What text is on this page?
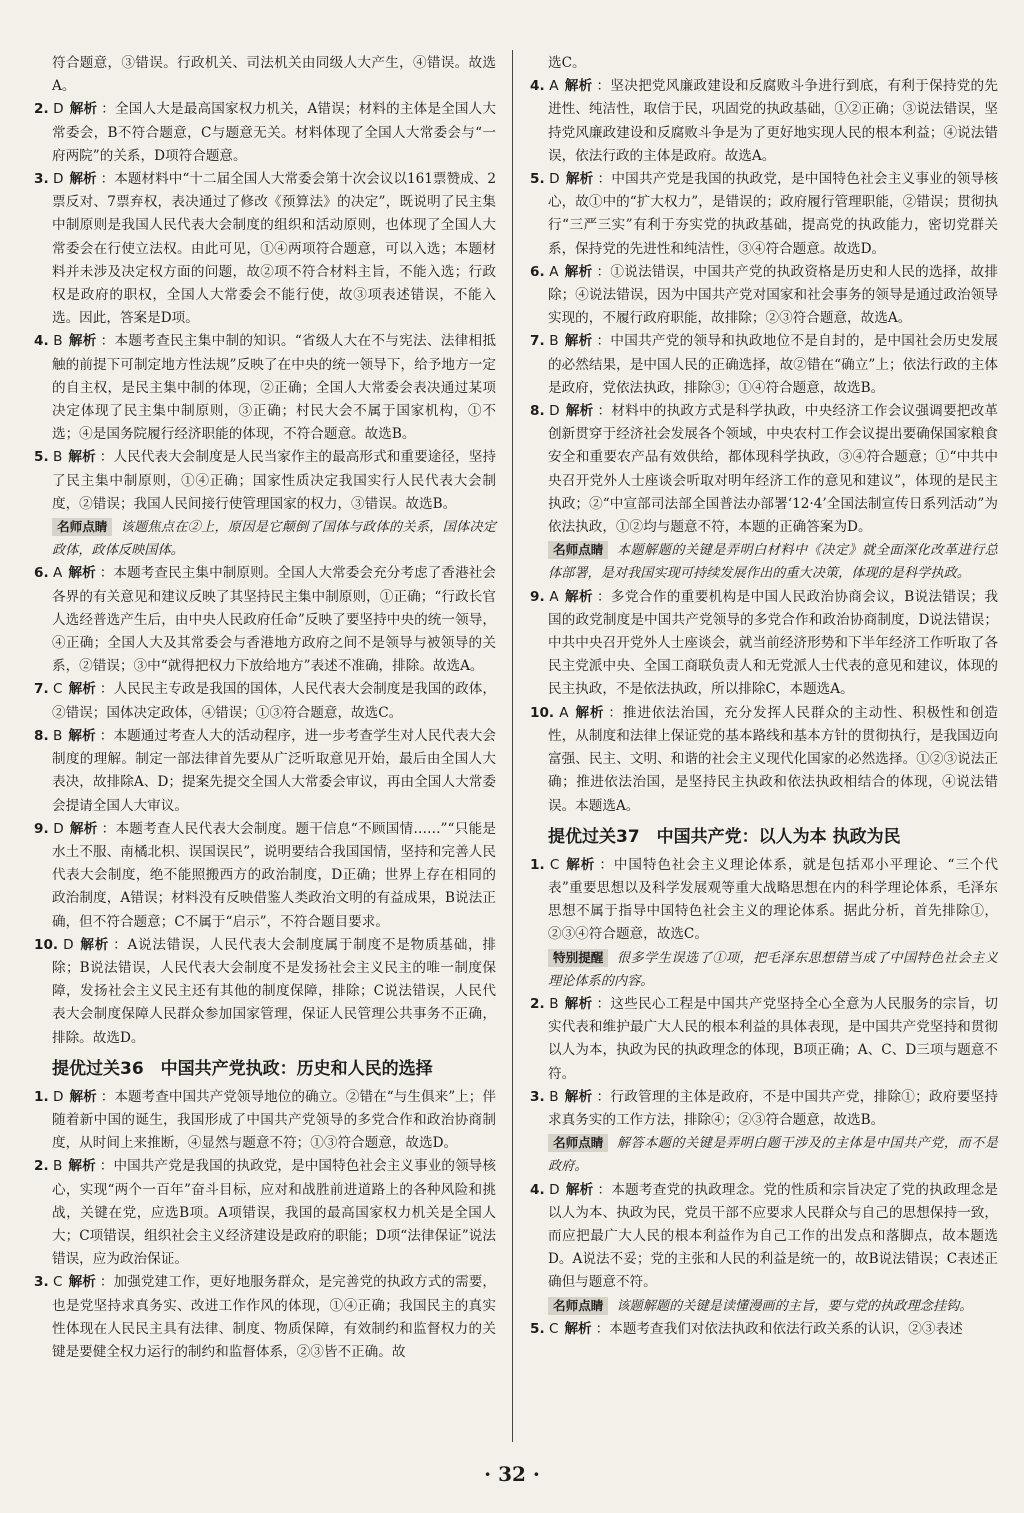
符合题意，③错误。行政机关、司法机关由同级人大产生，④错误。故选A。

2. D 解析 ：全国人大是最高国家权力机关，A错误；材料的主体是全国人大常委会，B不符合题意，C与题意无关。材料体现了全国人大常委会与“一府两院”的关系，D项符合题意。

3. D 解析 ：本题材料中“十二届全国人大常委会第十次会议以161票赞成、2票反对、7票弃权，表决通过了修改《预算法》的决定”，既说明了民主集中制原则是我国人民代表大会制度的组织和活动原则，也体现了全国人大常委会在行使立法权。由此可见，①④两项符合题意，可以入选；本题材料并未涉及决定权方面的问题，故②项不符合材料主旨，不能入选；行政权是政府的职权，全国人大常委会不能行使，故③项表述错误，不能入选。因此，答案是D项。

4. B 解析 ：本题考查民主集中制的知识。“省级人大在不与宪法、法律相抵触的前提下可制定地方性法规”反映了在中央的统一领导下，给予地方一定的自主权，是民主集中制的体现，②正确；全国人大常委会表决通过某项决定体现了民主集中制原则，③正确；村民大会不属于国家机构，①不选；④是国务院履行经济职能的体现，不符合题意。故选B。

5. B 解析 ：人民代表大会制度是人民当家作主的最高形式和重要途径，坚持了民主集中制原则，①④正确；国家性质决定我国实行人民代表大会制度，②错误；我国人民间接行使管理国家的权力，③错误。故选B。

名师点睛 该题焦点在②上，原因是它颠倒了国体与政体的关系，国体决定政体，政体反映国体。

6. A 解析 ：本题考查民主集中制原则。全国人大常委会充分考虑了香港社会各界的有关意见和建议反映了其坚持民主集中制原则，①正确；“行政长官人选经普选产生后，由中央人民政府任命”反映了要坚持中央的统一领导，④正确；全国人大及其常委会与香港地方政府之间不是领导与被领导的关系，②错误；③中“就得把权力下放给地方”表述不准确，排除。故选A。

7. C 解析 ：人民民主专政是我国的国体，人民代表大会制度是我国的政体，②错误；国体决定政体，④错误；①③符合题意，故选C。

8. B 解析 ：本题通过考查人大的活动程序，进一步考查学生对人民代表大会制度的理解。制定一部法律首先要从广泛听取意见开始，最后由全国人大表决，故排除A、D；提案先提交全国人大常委会审议，再由全国人大常委会提请全国人大审议。

9. D 解析 ：本题考查人民代表大会制度。题干信息“不顾国情……”“只能是水土不服、南橘北枳、误国误民”，说明要结合我国国情，坚持和完善人民代表大会制度，绝不能照搬西方的政治制度，D正确；世界上存在相同的政治制度，A错误；材料没有反映借鉴人类政治文明的有益成果，B说法正确，但不符合题意；C不属于“启示”，不符合题目要求。

10. D 解析 ：A说法错误，人民代表大会制度属于制度不是物质基础，排除；B说法错误，人民代表大会制度不是发扬社会主义民主的唯一制度保障，发扬社会主义民主还有其他的制度保障，排除；C说法错误，人民代表大会制度保障人民群众参加国家管理，保证人民管理公共事务不正确，排除。故选D。

提优过关36　中国共产党执政：历史和人民的选择

1. D 解析 ：本题考查中国共产党领导地位的确立。②错在“与生俱来”上；伴随着新中国的诞生，我国形成了中国共产党领导的多党合作和政治协商制度，从时间上来推断，④显然与题意不符；①③符合题意，故选D。

2. B 解析 ：中国共产党是我国的执政党，是中国特色社会主义事业的领导核心，实现“两个一百年”奋斗目标，应对和战胜前进道路上的各种风险和挑战，关键在党，应选B项。A项错误，我国的最高国家权力机关是全国人大；C项错误，组织社会主义经济建设是政府的职能；D项“法律保证”说法错误，应为政治保证。

3. C 解析 ：加强党建工作，更好地服务群众，是完善党的执政方式的需要，也是党坚持求真务实、改进工作作风的体现，①④正确；我国民主的真实性体现在人民民主具有法律、制度、物质保障，有效制约和监督权力的关键是要健全权力运行的制约和监督体系，②③皆不正确。故

选C。

4. A 解析 ：坚决把党风廉政建设和反腐败斗争进行到底，有利于保持党的先进性、纯洁性，取信于民，巩固党的执政基础，①②正确；③说法错误，坚持党风廉政建设和反腐败斗争是为了更好地实现人民的根本利益；④说法错误，依法行政的主体是政府。故选A。

5. D 解析 ：中国共产党是我国的执政党，是中国特色社会主义事业的领导核心，故①中的“扩大权力”，是错误的；政府履行管理职能，②错误；贯彻执行“三严三实”有利于夯实党的执政基础，提高党的执政能力，密切党群关系，保持党的先进性和纯洁性，③④符合题意。故选D。

6. A 解析 ：①说法错误，中国共产党的执政资格是历史和人民的选择，故排除；④说法错误，因为中国共产党对国家和社会事务的领导是通过政治领导实现的，不履行政府职能，故排除；②③符合题意，故选A。

7. B 解析 ：中国共产党的领导和执政地位不是自封的，是中国社会历史发展的必然结果，是中国人民的正确选择，故②错在“确立”上；依法行政的主体是政府，党依法执政，排除③；①④符合题意，故选B。

8. D 解析 ：材料中的执政方式是科学执政，中央经济工作会议强调要把改革创新贯穿于经济社会发展各个领域，中央农村工作会议提出要确保国家粮食安全和重要农产品有效供给，都体现科学执政，③④符合题意；①“中共中央召开党外人士座谈会听取对明年经济工作的意见和建议”，体现的是民主执政；②“中宣部司法部全国普法办部署‘12·4’全国法制宣传日系列活动”为依法执政，①②均与题意不符，本题的正确答案为D。

名师点睛 本题解题的关键是弄明白材料中《决定》就全面深化改革进行总体部署，是对我国实现可持续发展作出的重大决策，体现的是科学执政。

9. A 解析 ：多党合作的重要机构是中国人民政治协商会议，B说法错误；我国的政党制度是中国共产党领导的多党合作和政治协商制度，D说法错误；中共中央召开党外人士座谈会，就当前经济形势和下半年经济工作听取了各民主党派中央、全国工商联负责人和无党派人士代表的意见和建议，体现的民主执政，不是依法执政，所以排除C，本题选A。

10. A 解析 ：推进依法治国，充分发挥人民群众的主动性、积极性和创造性，从制度和法律上保证党的基本路线和基本方针的贯彻执行，是我国迈向富强、民主、文明、和谐的社会主义现代化国家的必然选择。①②③说法正确；推进依法治国，是坚持民主执政和依法执政相结合的体现，④说法错误。本题选A。

提优过关37　中国共产党：以人为本 执政为民

1. C 解析 ：中国特色社会主义理论体系，就是包括邓小平理论、“三个代表”重要思想以及科学发展观等重大战略思想在内的科学理论体系，毛泽东思想不属于指导中国特色社会主义的理论体系。据此分析，首先排除①，②③④符合题意，故选C。

特别提醒 很多学生误选了①项，把毛泽东思想错当成了中国特色社会主义理论体系的内容。

2. B 解析 ：这些民心工程是中国共产党坚持全心全意为人民服务的宗旨，切实代表和维护最广大人民的根本利益的具体表现，是中国共产党坚持和贯彻以人为本，执政为民的执政理念的体现，B项正确；A、C、D三项与题意不符。

3. B 解析 ：行政管理的主体是政府，不是中国共产党，排除①；政府要坚持求真务实的工作方法，排除④；②③符合题意，故选B。

名师点睛 解答本题的关键是弄明白题干涉及的主体是中国共产党，而不是政府。

4. D 解析 ：本题考查党的执政理念。党的性质和宗旨决定了党的执政理念是以人为本、执政为民，党员干部不应要求人民群众与自己的思想保持一致，而应把最广大人民的根本利益作为自己工作的出发点和落脚点，故本题选D。A说法不妥；党的主张和人民的利益是统一的，故B说法错误；C表述正确但与题意不符。

名师点睛 该题解题的关键是读懂漫画的主旨，要与党的执政理念挂钩。

5. C 解析 ：本题考查我们对依法执政和依法行政关系的认识，②③表述

· 32 ·
